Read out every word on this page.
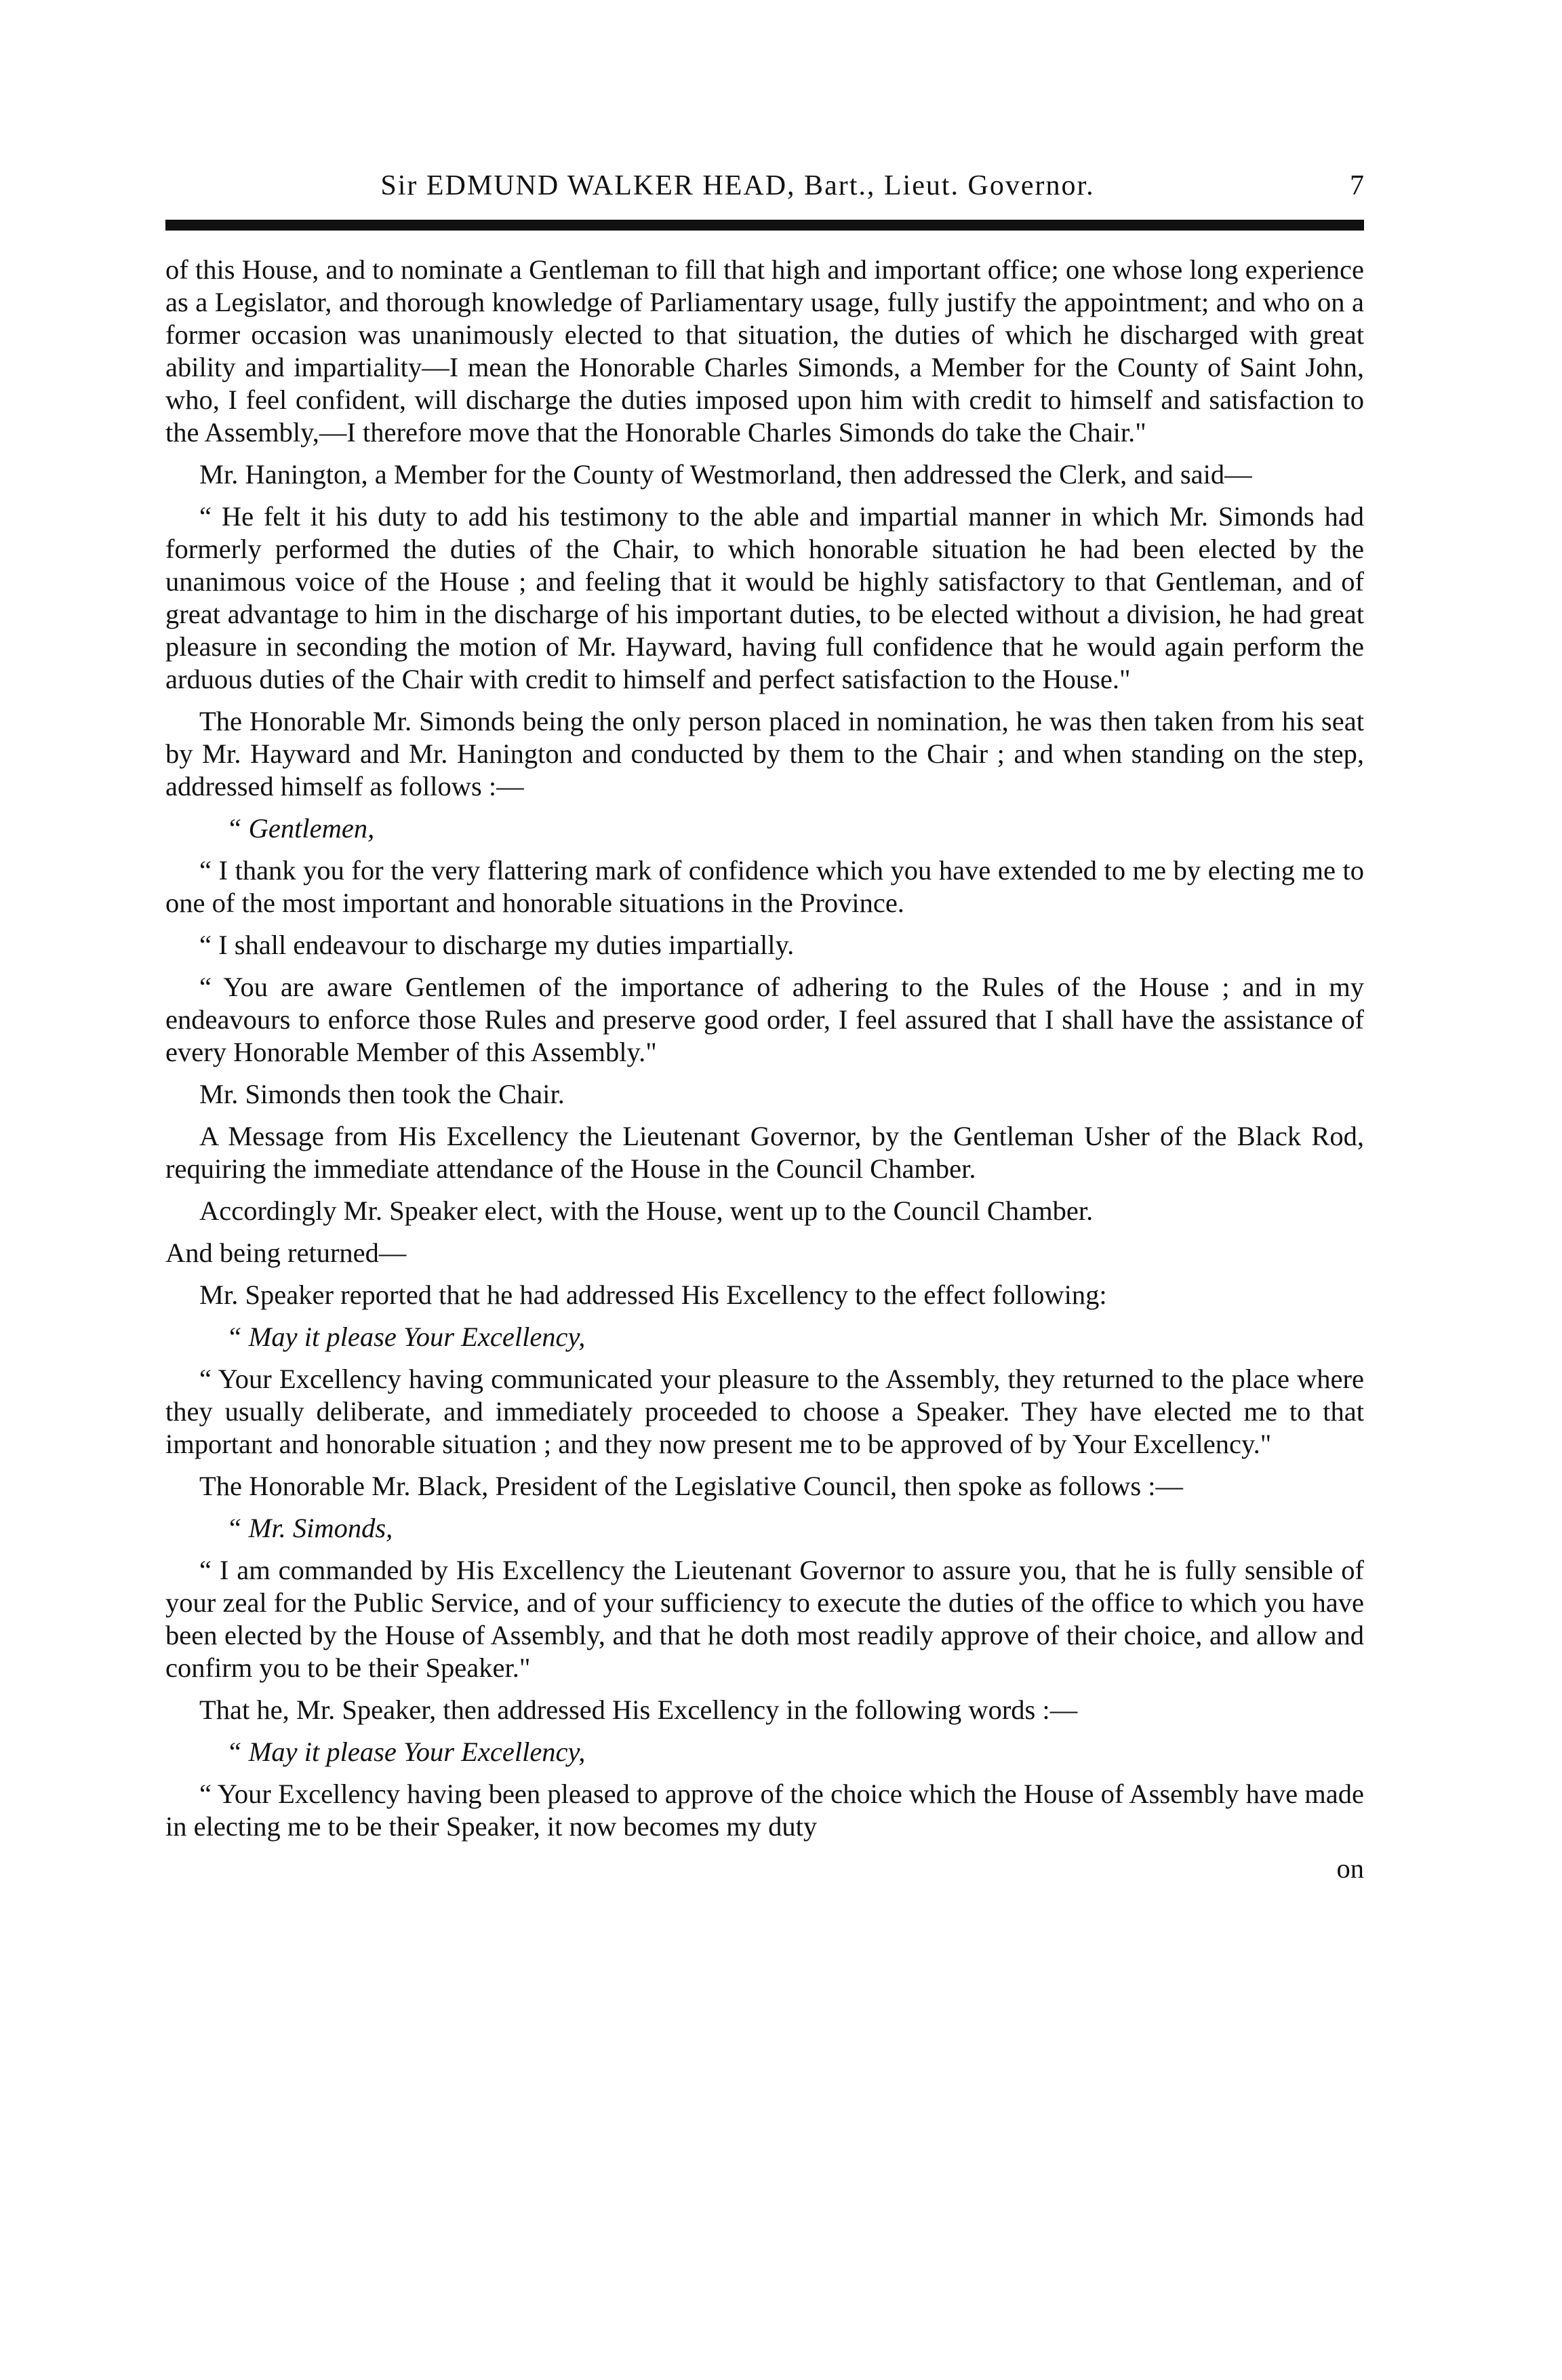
Sir EDMUND WALKER HEAD, Bart., Lieut. Governor.	7

of this House, and to nominate a Gentleman to fill that high and important office; one whose long experience as a Legislator, and thorough knowledge of Parliamentary usage, fully justify the appointment; and who on a former occasion was unanimously elected to that situation, the duties of which he discharged with great ability and impartiality—I mean the Honorable Charles Simonds, a Member for the County of Saint John, who, I feel confident, will discharge the duties imposed upon him with credit to himself and satisfaction to the Assembly,—I therefore move that the Honorable Charles Simonds do take the Chair."

Mr. Hanington, a Member for the County of Westmorland, then addressed the Clerk, and said—

“ He felt it his duty to add his testimony to the able and impartial manner in which Mr. Simonds had formerly performed the duties of the Chair, to which honorable situation he had been elected by the unanimous voice of the House ; and feeling that it would be highly satisfactory to that Gentleman, and of great advantage to him in the discharge of his important duties, to be elected without a division, he had great pleasure in seconding the motion of Mr. Hayward, having full confidence that he would again perform the arduous duties of the Chair with credit to himself and perfect satisfaction to the House."

The Honorable Mr. Simonds being the only person placed in nomination, he was then taken from his seat by Mr. Hayward and Mr. Hanington and conducted by them to the Chair ; and when standing on the step, addressed himself as follows :—

“ Gentlemen,

“ I thank you for the very flattering mark of confidence which you have extended to me by electing me to one of the most important and honorable situations in the Province.

“ I shall endeavour to discharge my duties impartially.

“ You are aware Gentlemen of the importance of adhering to the Rules of the House ; and in my endeavours to enforce those Rules and preserve good order, I feel assured that I shall have the assistance of every Honorable Member of this Assembly."

Mr. Simonds then took the Chair.

A Message from His Excellency the Lieutenant Governor, by the Gentleman Usher of the Black Rod, requiring the immediate attendance of the House in the Council Chamber.

Accordingly Mr. Speaker elect, with the House, went up to the Council Chamber.

And being returned—

Mr. Speaker reported that he had addressed His Excellency to the effect following:

“ May it please Your Excellency,

“ Your Excellency having communicated your pleasure to the Assembly, they returned to the place where they usually deliberate, and immediately proceeded to choose a Speaker. They have elected me to that important and honorable situation ; and they now present me to be approved of by Your Excellency."

The Honorable Mr. Black, President of the Legislative Council, then spoke as follows :—

“ Mr. Simonds,

“ I am commanded by His Excellency the Lieutenant Governor to assure you, that he is fully sensible of your zeal for the Public Service, and of your sufficiency to execute the duties of the office to which you have been elected by the House of Assembly, and that he doth most readily approve of their choice, and allow and confirm you to be their Speaker."

That he, Mr. Speaker, then addressed His Excellency in the following words :—

“ May it please Your Excellency,

“ Your Excellency having been pleased to approve of the choice which the House of Assembly have made in electing me to be their Speaker, it now becomes my duty

on
